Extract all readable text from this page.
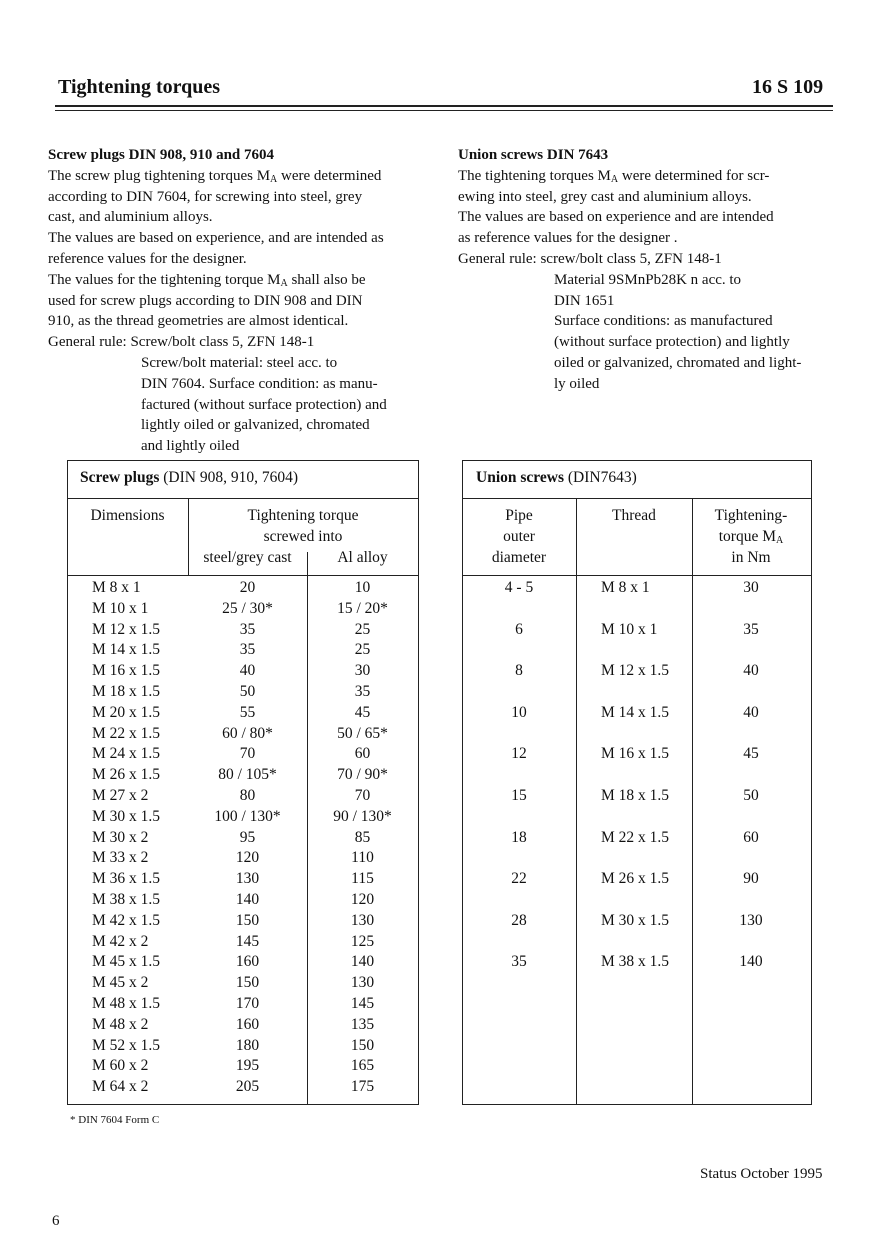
Tightening torques	16 S 109
Screw plugs DIN 908, 910 and 7604
The screw plug tightening torques $M_A$ were determined
according to DIN 7604, for screwing into steel, grey
cast, and aluminium alloys.
The values are based on experience, and are intended as
reference values for the designer.
The values for the tightening torque $M_A$ shall also be
used for screw plugs according to DIN 908 and DIN
910, as the thread geometries are almost identical.
General rule: Screw/bolt class 5, ZFN 148-1
Screw/bolt material: steel acc. to
DIN 7604. Surface condition: as manu-
factured (without surface protection) and
lightly oiled or galvanized, chromated
and lightly oiled
Union screws DIN 7643
The tightening torques $M_A$ were determined for scr-
ewing into steel, grey cast and aluminium alloys.
The values are based on experience and are intended
as reference values for the designer .
General rule: screw/bolt class 5, ZFN 148-1
Material 9SMnPb28K n acc. to
DIN 1651
Surface conditions: as manufactured
(without surface protection) and lightly
oiled or galvanized, chromated and light-
ly oiled
Screw plugs (DIN 908, 910, 7604)
Dimensions	Tightening torque
screwed into
steel/grey cast	Al alloy
M 8 x 1	20	10
M 10 x 1	25 / 30*	15 / 20*
M 12 x 1.5	35	25
M 14 x 1.5	35	25
M 16 x 1.5	40	30
M 18 x 1.5	50	35
M 20 x 1.5	55	45
M 22 x 1.5	60 / 80*	50 / 65*
M 24 x 1.5	70	60
M 26 x 1.5	80 / 105*	70 / 90*
M 27 x 2	80	70
M 30 x 1.5	100 / 130*	90 / 130*
M 30 x 2	95	85
M 33 x 2	120	110
M 36 x 1.5	130	115
M 38 x 1.5	140	120
M 42 x 1.5	150	130
M 42 x 2	145	125
M 45 x 1.5	160	140
M 45 x 2	150	130
M 48 x 1.5	170	145
M 48 x 2	160	135
M 52 x 1.5	180	150
M 60 x 2	195	165
M 64 x 2	205	175
Union screws (DIN7643)
Pipe
outer
diameter
Thread	Tightening-
torque $M_A$
in Nm
4 - 5	M 8 x 1	30
6	M 10 x 1	35
8	M 12 x 1.5	40
10	M 14 x 1.5	40
12	M 16 x 1.5	45
15	M 18 x 1.5	50
18	M 22 x 1.5	60
22	M 26 x 1.5	90
28	M 30 x 1.5	130
35	M 38 x 1.5	140
* DIN 7604 Form C
Status October 1995
6
